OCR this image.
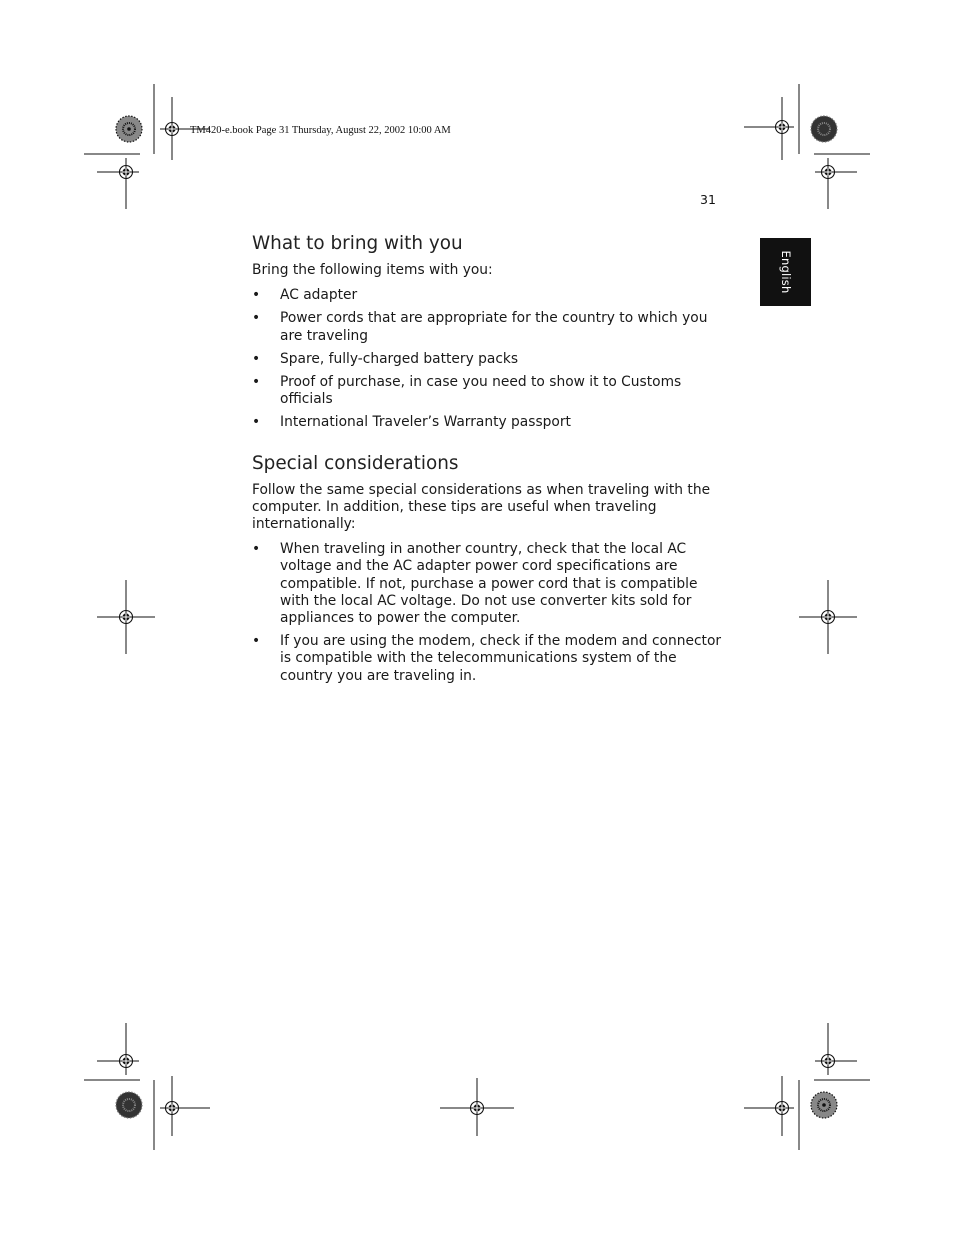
TM420-e.book Page 31 Thursday, August 22, 2002 10:00 AM
31
English
What to bring with you

Bring the following items with you:

• AC adapter
• Power cords that are appropriate for the country to which you are traveling
• Spare, fully-charged battery packs
• Proof of purchase, in case you need to show it to Customs officials
• International Traveler’s Warranty passport
Special considerations

Follow the same special considerations as when traveling with the computer. In addition, these tips are useful when traveling internationally:

• When traveling in another country, check that the local AC voltage and the AC adapter power cord specifications are compatible. If not, purchase a power cord that is compatible with the local AC voltage. Do not use converter kits sold for appliances to power the computer.
• If you are using the modem, check if the modem and connector is compatible with the telecommunications system of the country you are traveling in.
